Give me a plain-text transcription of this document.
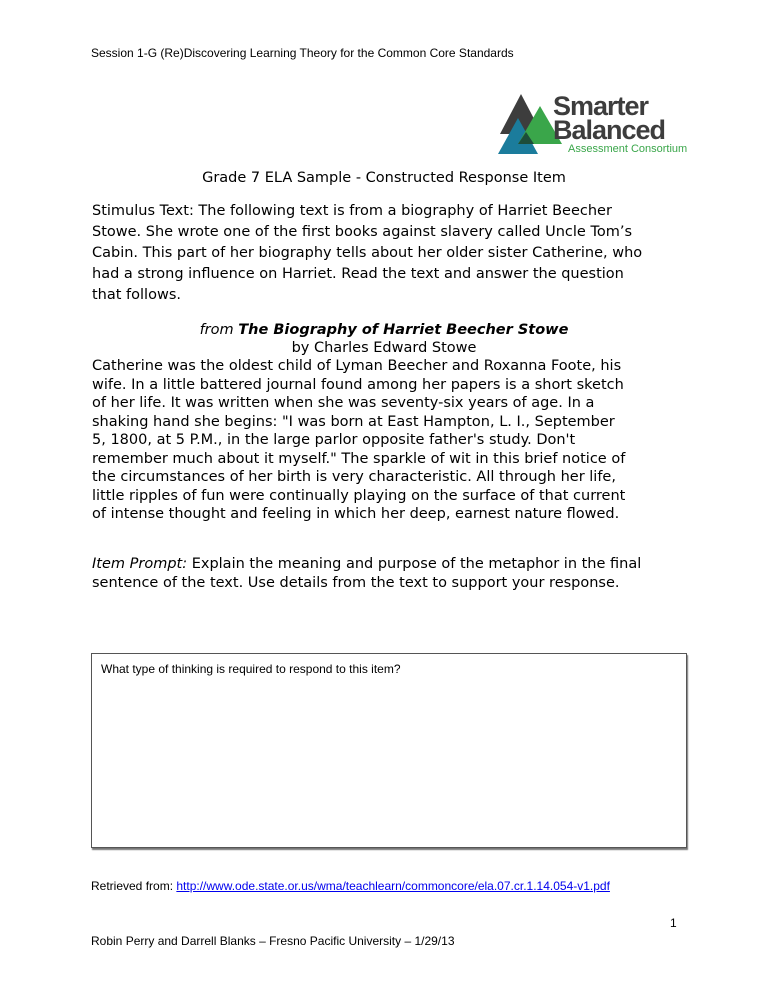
Session 1-G (Re)Discovering Learning Theory for the Common Core Standards
Smarter
Balanced
Assessment Consortium
Grade 7 ELA Sample - Constructed Response Item
Stimulus Text: The following text is from a biography of Harriet Beecher
Stowe. She wrote one of the first books against slavery called Uncle Tom’s
Cabin. This part of her biography tells about her older sister Catherine, who
had a strong influence on Harriet. Read the text and answer the question
that follows.
from The Biography of Harriet Beecher Stowe
by Charles Edward Stowe
Catherine was the oldest child of Lyman Beecher and Roxanna Foote, his
wife. In a little battered journal found among her papers is a short sketch
of her life. It was written when she was seventy-six years of age. In a
shaking hand she begins: "I was born at East Hampton, L. I., September
5, 1800, at 5 P.M., in the large parlor opposite father's study. Don't
remember much about it myself." The sparkle of wit in this brief notice of
the circumstances of her birth is very characteristic. All through her life,
little ripples of fun were continually playing on the surface of that current
of intense thought and feeling in which her deep, earnest nature flowed.
Item Prompt: Explain the meaning and purpose of the metaphor in the final
sentence of the text. Use details from the text to support your response.
What type of thinking is required to respond to this item?
Retrieved from: http://www.ode.state.or.us/wma/teachlearn/commoncore/ela.07.cr.1.14.054-v1.pdf
1
Robin Perry and Darrell Blanks – Fresno Pacific University – 1/29/13
